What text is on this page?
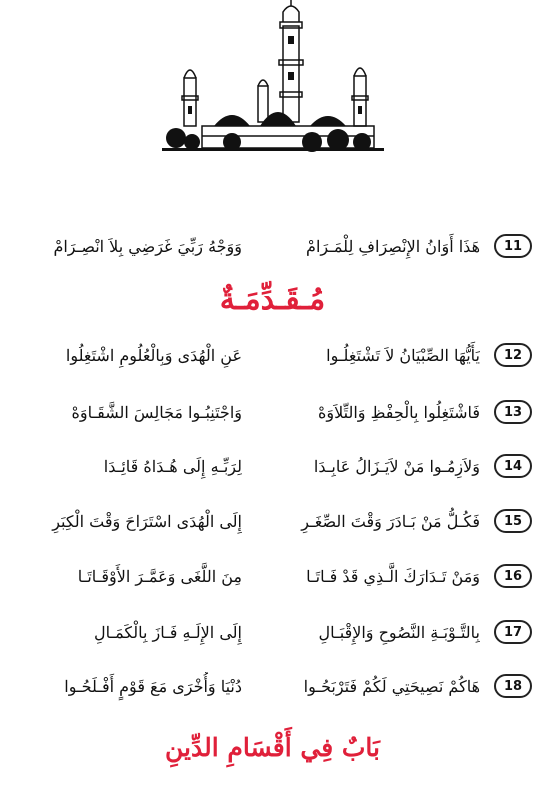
11
هَذَا أَوَانُ الإِنْصِرَافِ لِلْمَـرَامْ
وَوَجْهُ رَبِّيَ غَرَضِي بِلاَ انْصِـرَامْ
مُـقَـدِّمَـةٌ
12
يَأَيُّهَا الصِّبْيَانُ لاَ تَشْتَغِلُـوا
عَنِ الْهُدَى وَبِالْعُلُومِ اشْتَغِلُوا
13
فَاشْتَغِلُوا بِالْحِفْظِ وَالتِّلاَوَهْ
وَاجْتَنِبُـوا مَجَالِسَ الشَّقَـاوَهْ
14
وَلاَزِمُـوا مَنْ لاَيَـزَالُ عَابِـدَا
لِرَبِّـهِ إِلَى هُـدَاهُ قَائِـدَا
15
فَكُـلُّ مَنْ بَـادَرَ وَقْتَ الصِّغَـرِ
إِلَى الْهُدَى اسْتَرَاحَ وَقْتَ الْكِبَرِ
16
وَمَنْ تَـدَارَكَ الَّـذِي قَدْ فَـاتَـا
مِنَ اللَّغَى وَعَمَّـرَ الأَوْقَـاتَـا
17
بِالتَّـوْبَـةِ النَّصُوحِ وَالإِقْبَـالِ
إِلَى الإِلَـهِ فَـازَ بِالْكَمَـالِ
18
هَاكُمْ نَصِيحَتِي لَكُمْ فَتَرْبَحُـوا
دُنْيَا وَأُخْرَى مَعَ قَوْمٍ أَفْـلَحُـوا
بَابٌ فِي أَقْسَامِ الدِّينِ
